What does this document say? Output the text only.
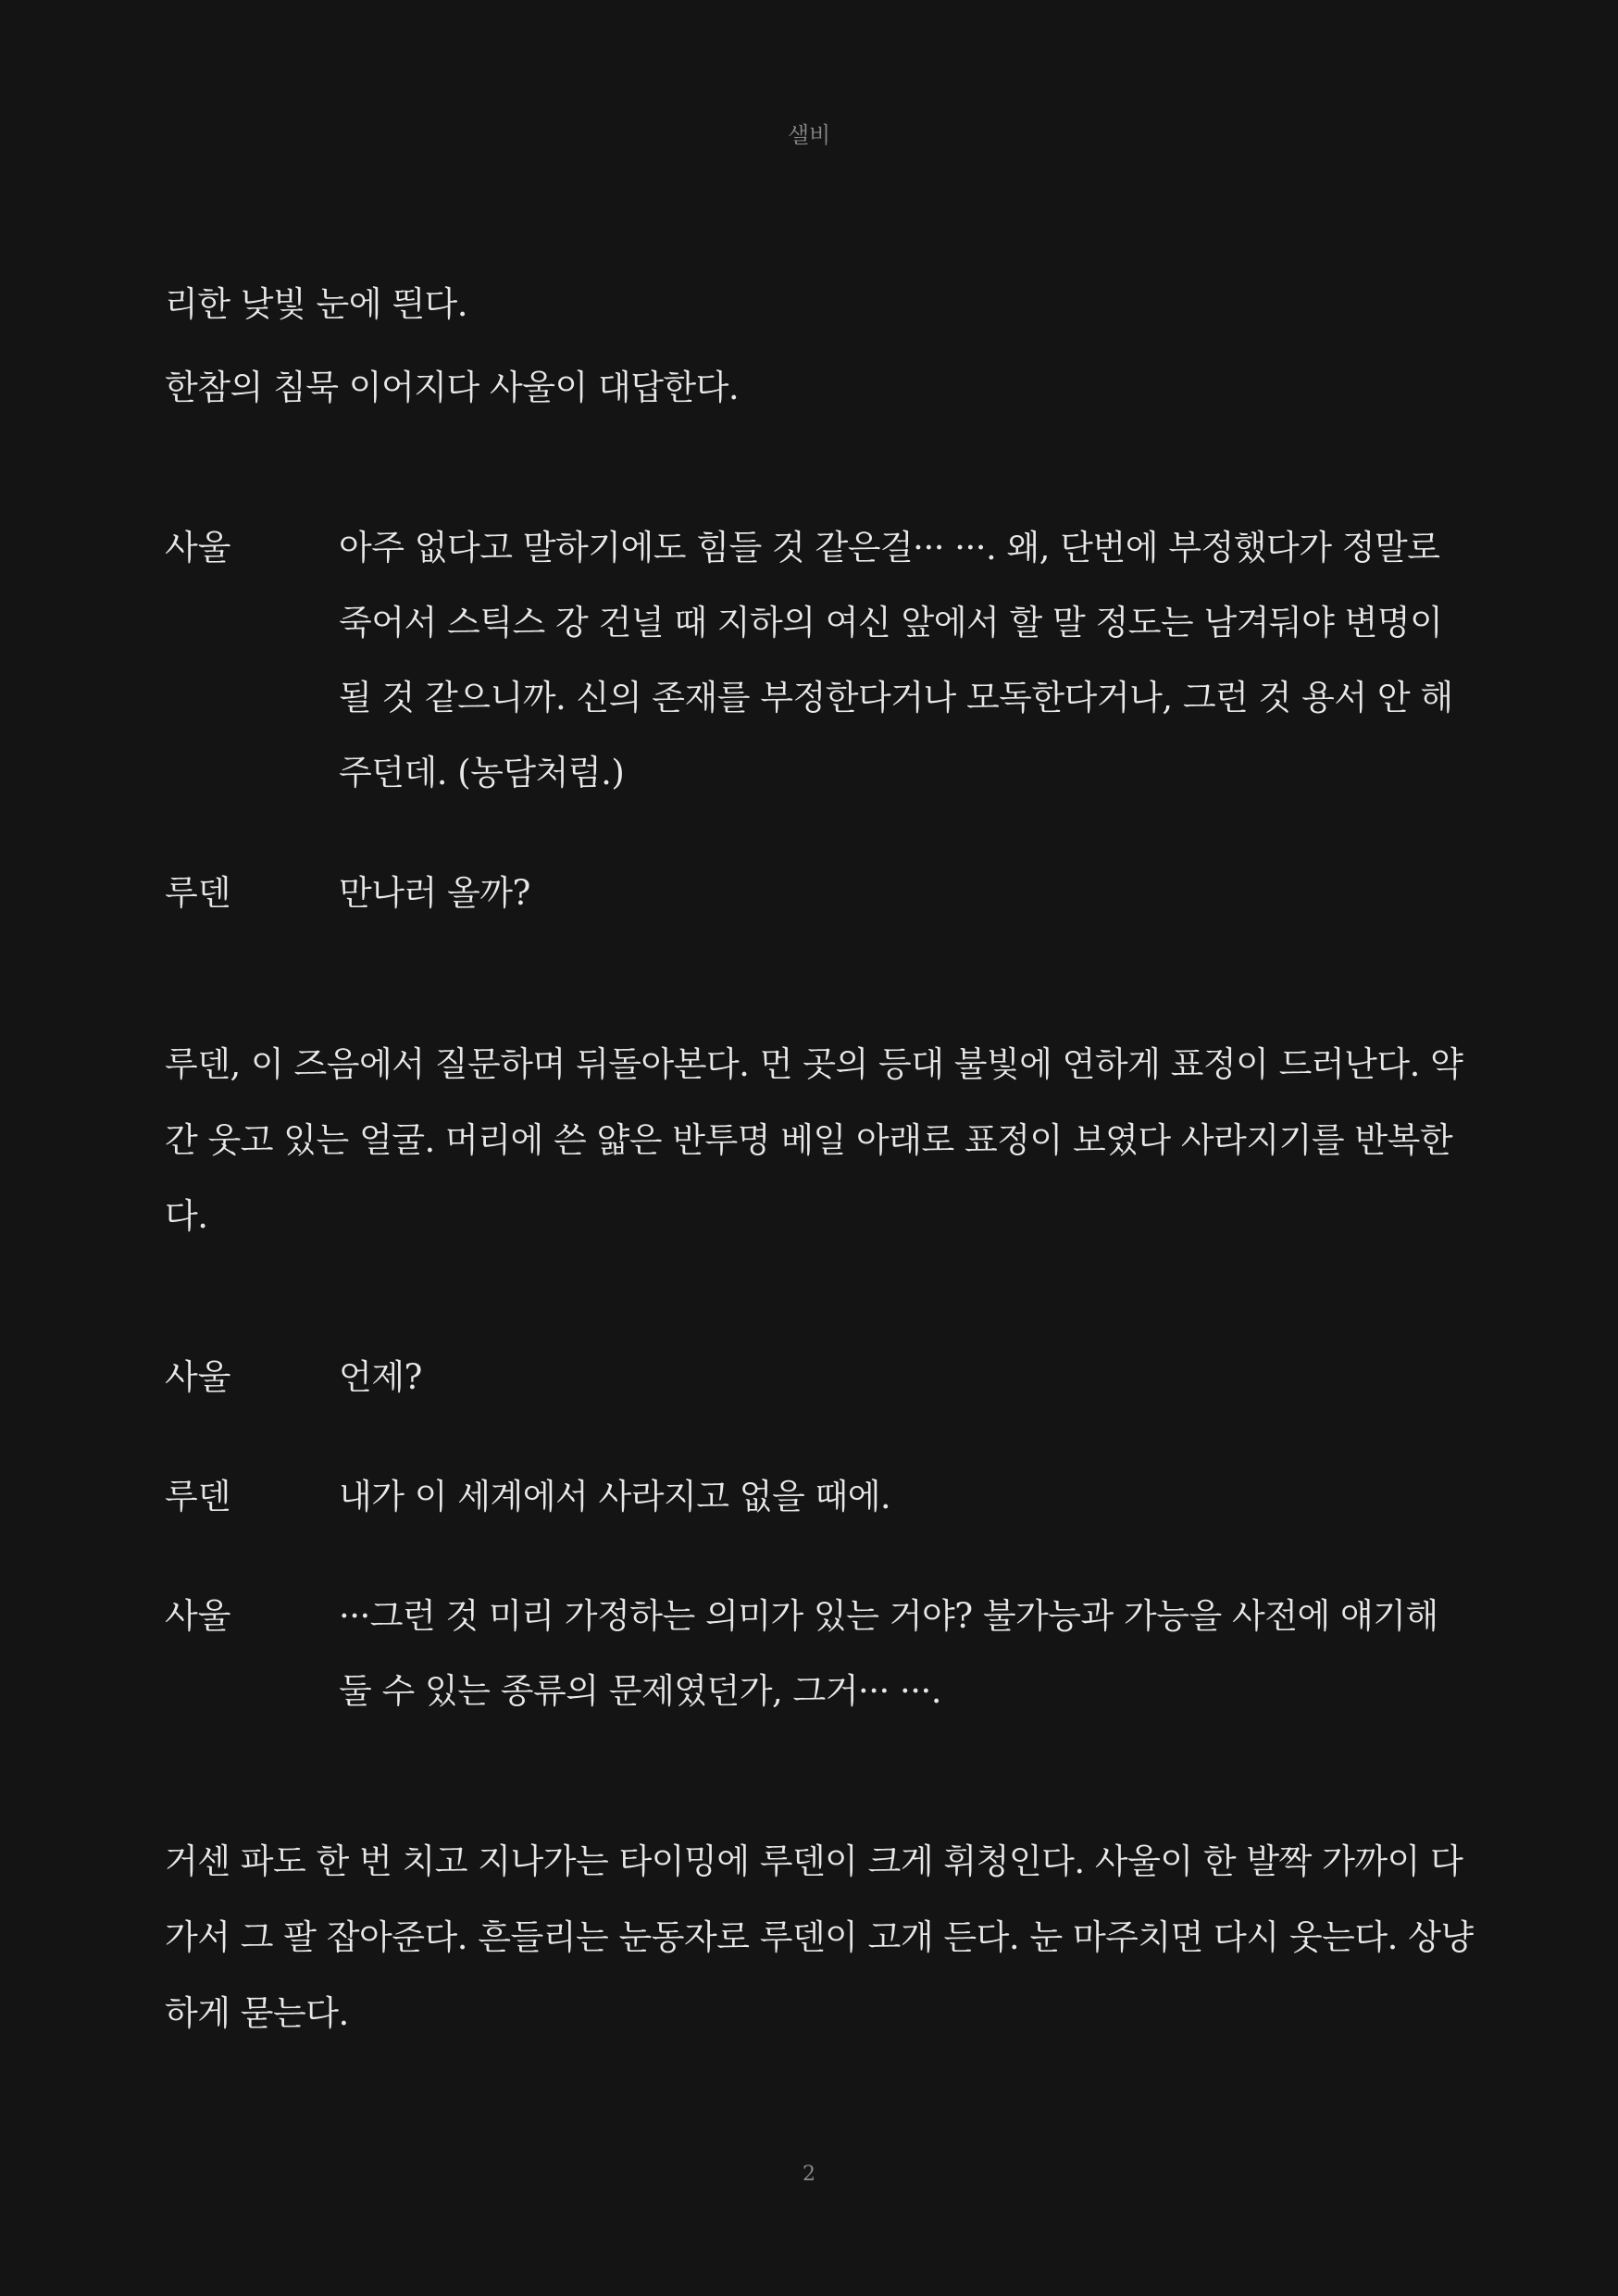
샐비
리한 낮빛 눈에 띈다.
한참의 침묵 이어지다 사울이 대답한다.
사울	아주 없다고 말하기에도 힘들 것 같은걸··· ···. 왜, 단번에 부정했다가 정말로
죽어서 스틱스 강 건널 때 지하의 여신 앞에서 할 말 정도는 남겨둬야 변명이
될 것 같으니까. 신의 존재를 부정한다거나 모독한다거나, 그런 것 용서 안 해
주던데. (농담처럼.)
루덴	만나러 올까?
루덴, 이 즈음에서 질문하며 뒤돌아본다. 먼 곳의 등대 불빛에 연하게 표정이 드러난다. 약
간 웃고 있는 얼굴. 머리에 쓴 얇은 반투명 베일 아래로 표정이 보였다 사라지기를 반복한
다.
사울	언제?
루덴	내가 이 세계에서 사라지고 없을 때에.
사울	···그런 것 미리 가정하는 의미가 있는 거야? 불가능과 가능을 사전에 얘기해
둘 수 있는 종류의 문제였던가, 그거··· ···.
거센 파도 한 번 치고 지나가는 타이밍에 루덴이 크게 휘청인다. 사울이 한 발짝 가까이 다
가서 그 팔 잡아준다. 흔들리는 눈동자로 루덴이 고개 든다. 눈 마주치면 다시 웃는다. 상냥
하게 묻는다.
2
